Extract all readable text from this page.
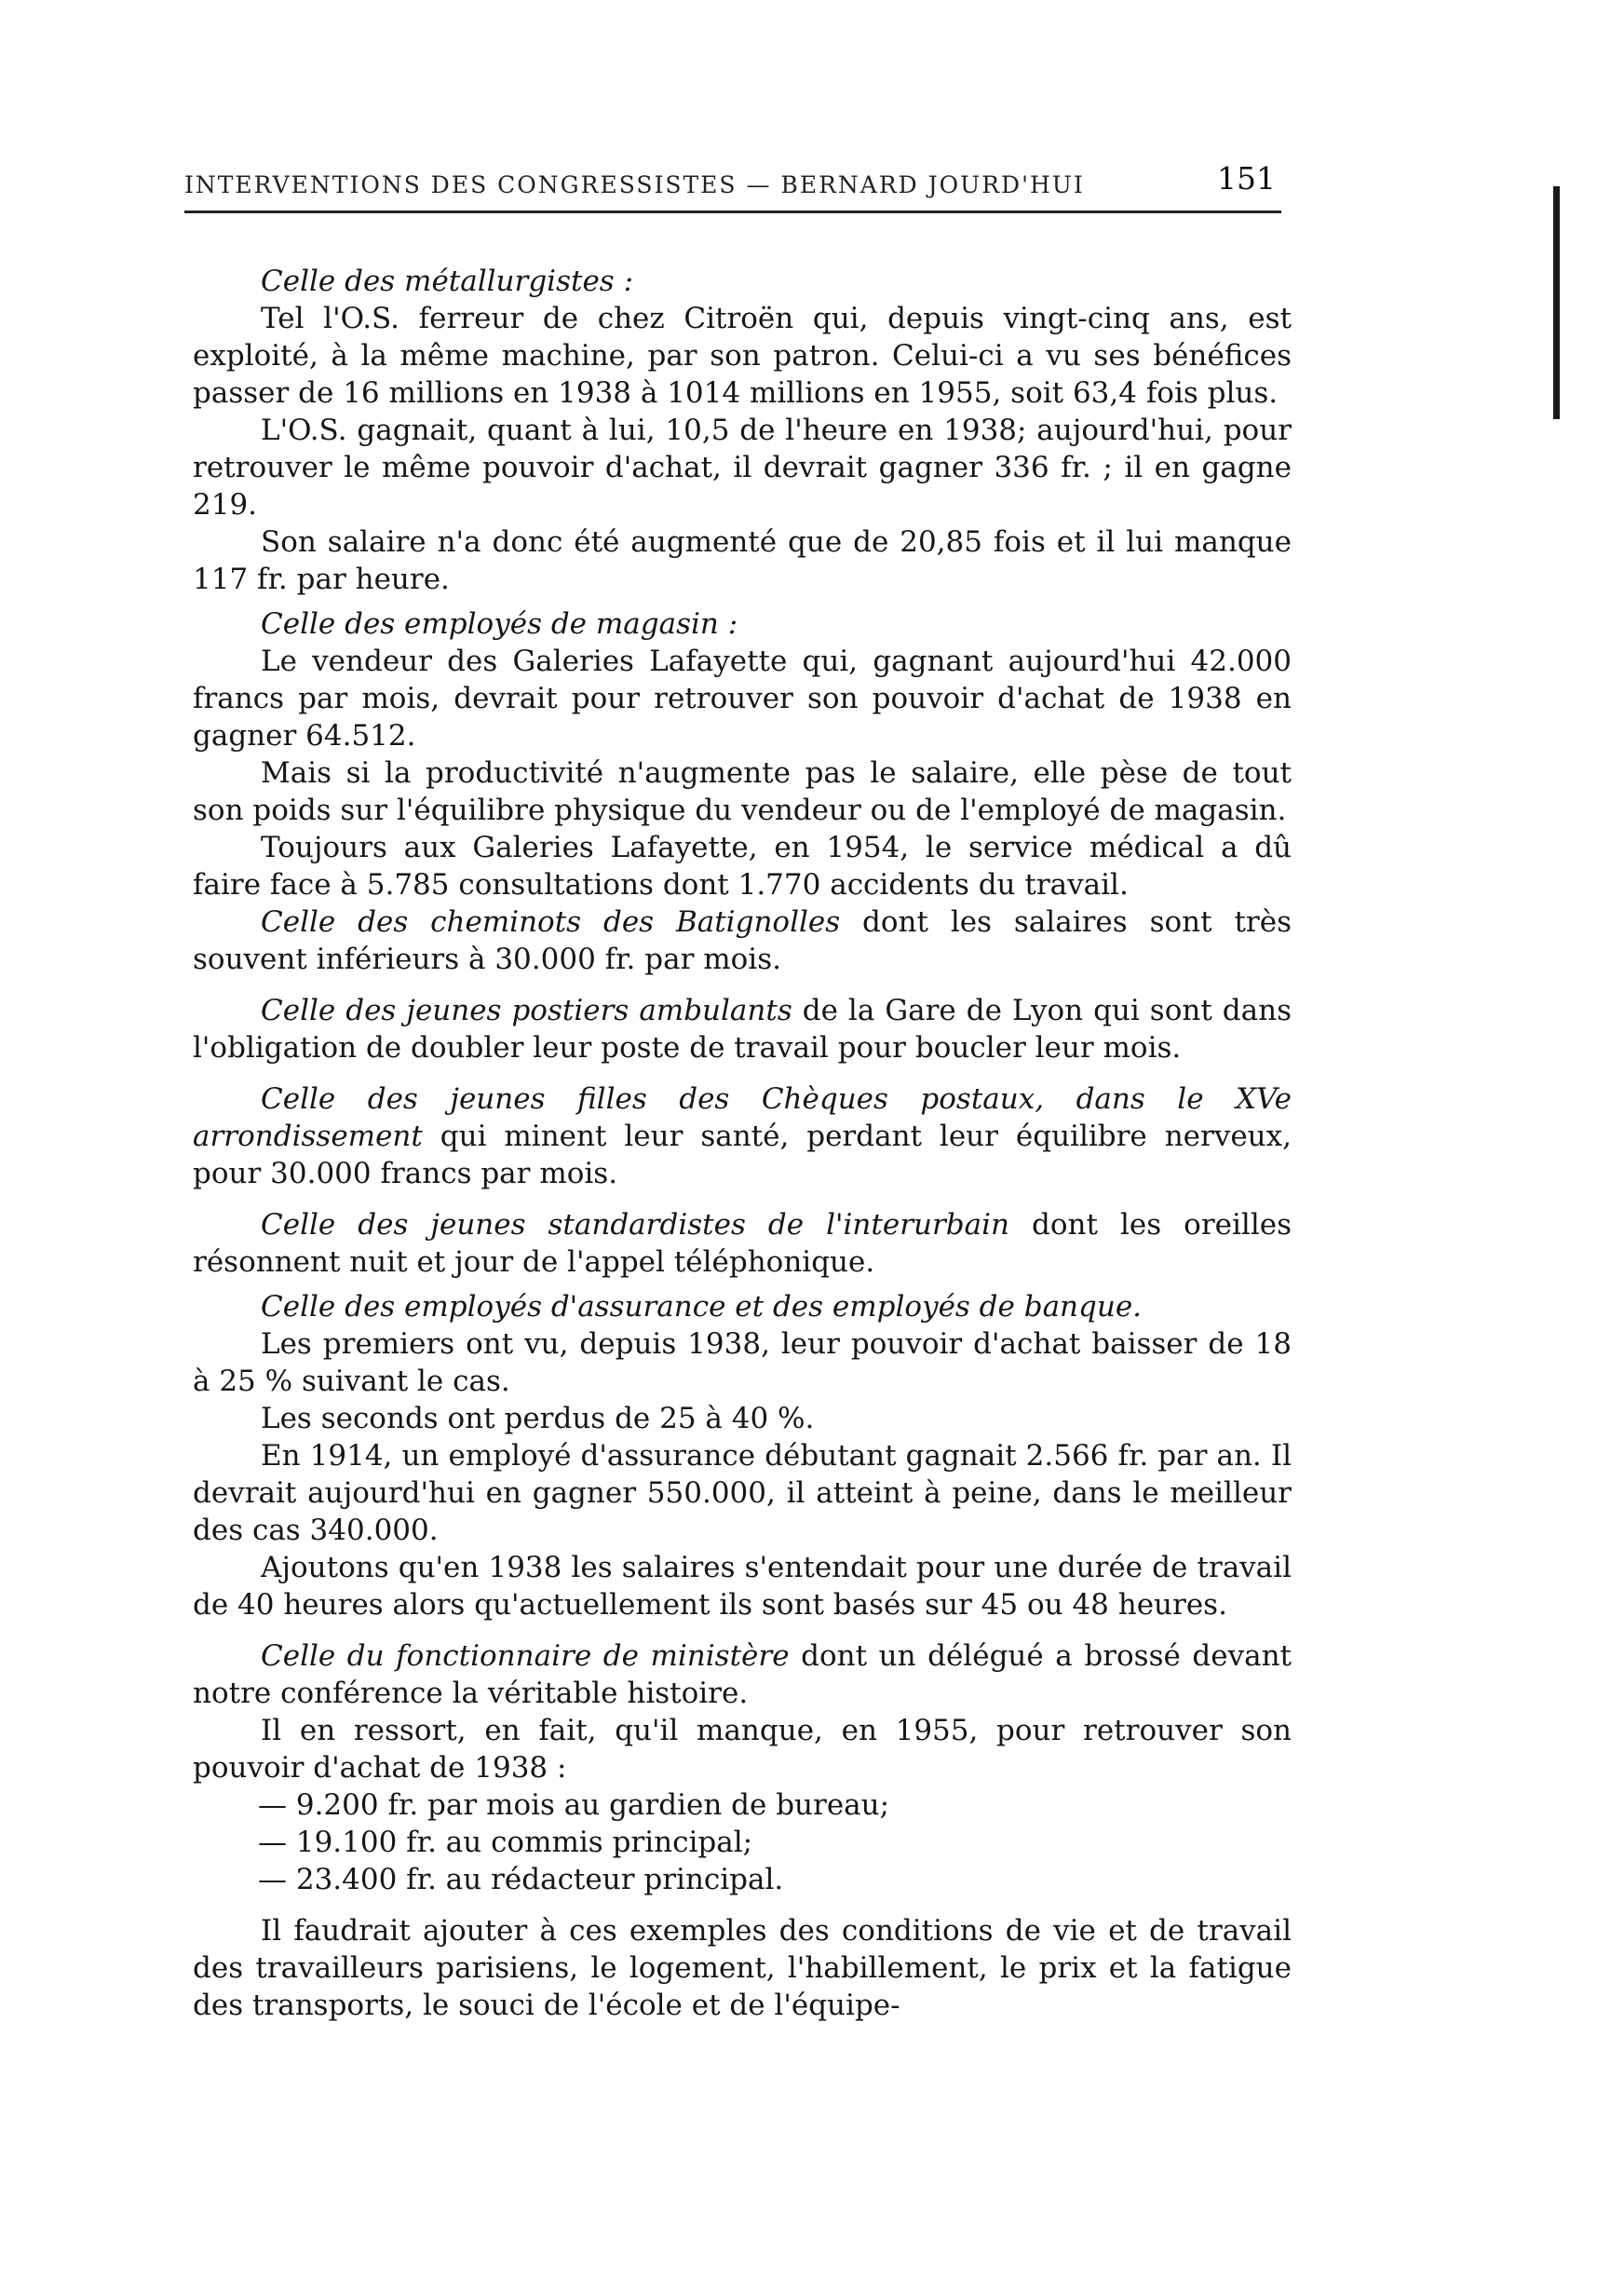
INTERVENTIONS DES CONGRESSISTES — BERNARD JOURD'HUI	151

Celle des métallurgistes :

Tel l'O.S. ferreur de chez Citroën qui, depuis vingt-cinq ans, est exploité, à la même machine, par son patron. Celui-ci a vu ses bénéfices passer de 16 millions en 1938 à 1014 millions en 1955, soit 63,4 fois plus.

L'O.S. gagnait, quant à lui, 10,5 de l'heure en 1938; aujourd'hui, pour retrouver le même pouvoir d'achat, il devrait gagner 336 fr. ; il en gagne 219.

Son salaire n'a donc été augmenté que de 20,85 fois et il lui manque 117 fr. par heure.

Celle des employés de magasin :

Le vendeur des Galeries Lafayette qui, gagnant aujourd'hui 42.000 francs par mois, devrait pour retrouver son pouvoir d'achat de 1938 en gagner 64.512.

Mais si la productivité n'augmente pas le salaire, elle pèse de tout son poids sur l'équilibre physique du vendeur ou de l'employé de magasin.

Toujours aux Galeries Lafayette, en 1954, le service médical a dû faire face à 5.785 consultations dont 1.770 accidents du travail.

Celle des cheminots des Batignolles dont les salaires sont très souvent inférieurs à 30.000 fr. par mois.

Celle des jeunes postiers ambulants de la Gare de Lyon qui sont dans l'obligation de doubler leur poste de travail pour boucler leur mois.

Celle des jeunes filles des Chèques postaux, dans le XVe arrondissement qui minent leur santé, perdant leur équilibre nerveux, pour 30.000 francs par mois.

Celle des jeunes standardistes de l'interurbain dont les oreilles résonnent nuit et jour de l'appel téléphonique.

Celle des employés d'assurance et des employés de banque.

Les premiers ont vu, depuis 1938, leur pouvoir d'achat baisser de 18 à 25 % suivant le cas.

Les seconds ont perdus de 25 à 40 %.

En 1914, un employé d'assurance débutant gagnait 2.566 fr. par an. Il devrait aujourd'hui en gagner 550.000, il atteint à peine, dans le meilleur des cas 340.000.

Ajoutons qu'en 1938 les salaires s'entendait pour une durée de travail de 40 heures alors qu'actuellement ils sont basés sur 45 ou 48 heures.

Celle du fonctionnaire de ministère dont un délégué a brossé devant notre conférence la véritable histoire.

Il en ressort, en fait, qu'il manque, en 1955, pour retrouver son pouvoir d'achat de 1938 :

— 9.200 fr. par mois au gardien de bureau;
— 19.100 fr. au commis principal;
— 23.400 fr. au rédacteur principal.

Il faudrait ajouter à ces exemples des conditions de vie et de travail des travailleurs parisiens, le logement, l'habillement, le prix et la fatigue des transports, le souci de l'école et de l'équipe-
